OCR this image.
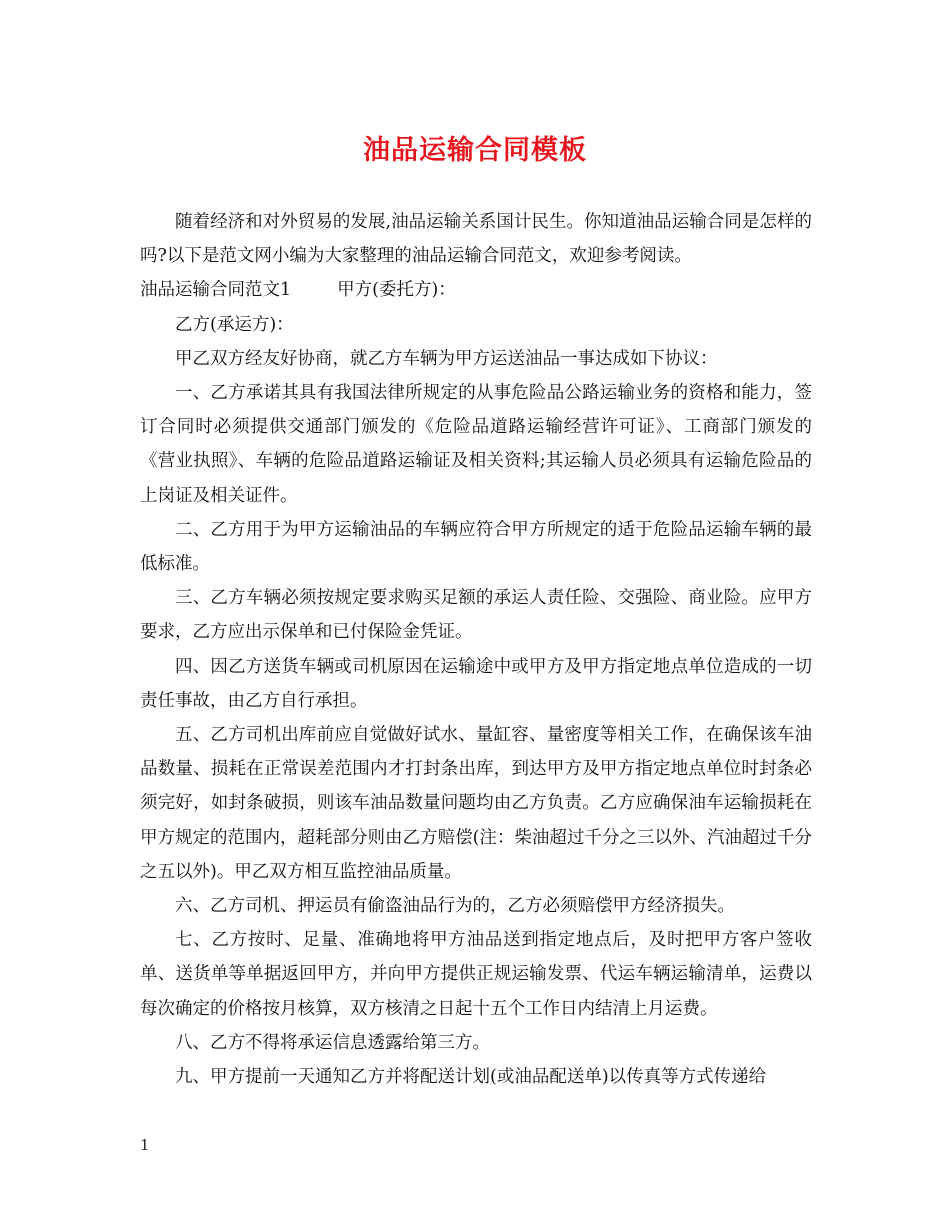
油品运输合同模板

随着经济和对外贸易的发展,油品运输关系国计民生。你知道油品运输合同是怎样的吗?以下是范文网小编为大家整理的油品运输合同范文，欢迎参考阅读。

油品运输合同范文1	甲方(委托方)：

乙方(承运方)：

甲乙双方经友好协商，就乙方车辆为甲方运送油品一事达成如下协议：

一、乙方承诺其具有我国法律所规定的从事危险品公路运输业务的资格和能力，签订合同时必须提供交通部门颁发的《危险品道路运输经营许可证》、工商部门颁发的《营业执照》、车辆的危险品道路运输证及相关资料;其运输人员必须具有运输危险品的上岗证及相关证件。

二、乙方用于为甲方运输油品的车辆应符合甲方所规定的适于危险品运输车辆的最低标准。

三、乙方车辆必须按规定要求购买足额的承运人责任险、交强险、商业险。应甲方要求，乙方应出示保单和已付保险金凭证。

四、因乙方送货车辆或司机原因在运输途中或甲方及甲方指定地点单位造成的一切责任事故，由乙方自行承担。

五、乙方司机出库前应自觉做好试水、量缸容、量密度等相关工作，在确保该车油品数量、损耗在正常误差范围内才打封条出库，到达甲方及甲方指定地点单位时封条必须完好，如封条破损，则该车油品数量问题均由乙方负责。乙方应确保油车运输损耗在甲方规定的范围内，超耗部分则由乙方赔偿(注：柴油超过千分之三以外、汽油超过千分之五以外)。甲乙双方相互监控油品质量。

六、乙方司机、押运员有偷盗油品行为的，乙方必须赔偿甲方经济损失。

七、乙方按时、足量、准确地将甲方油品送到指定地点后，及时把甲方客户签收单、送货单等单据返回甲方，并向甲方提供正规运输发票、代运车辆运输清单，运费以每次确定的价格按月核算，双方核清之日起十五个工作日内结清上月运费。

八、乙方不得将承运信息透露给第三方。

九、甲方提前一天通知乙方并将配送计划(或油品配送单)以传真等方式传递给

1
